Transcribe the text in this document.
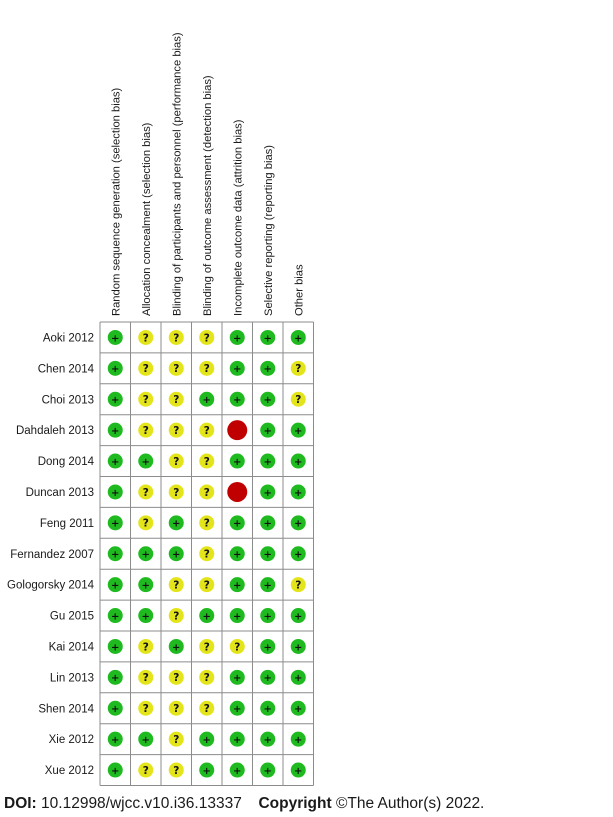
Random sequence generation (selection bias) Allocation concealment (selection bias) Blinding of participants and personnel (performance bias) Blinding of outcome assessment (detection bias) Incomplete outcome data (attrition bias) Selective reporting (reporting bias) Other bias
Aoki 2012 + ? ? ? + + +
Chen 2014 + ? ? ? + + ?
Choi 2013 + ? ? + + + ?
Dahdaleh 2013 + ? ? ?	+ +
Dong 2014 + + ? ? + + +
Duncan 2013 + ? ? ?	+ +
Feng 2011 + ? + ? + + +
Fernandez 2007 + + + ? + + +
Gologorsky 2014 + + ? ? + + ?
Gu 2015 + + ? + + + +
Kai 2014 + ? + ? ? + +
Lin 2013 + ? ? ? + + +
Shen 2014 + ? ? ? + + +
Xie 2012 + + ? + + + +
Xue 2012 + ? ? + + + +
DOI: 10.12998/wjcc.v10.i36.13337 Copyright ©The Author(s) 2022.
